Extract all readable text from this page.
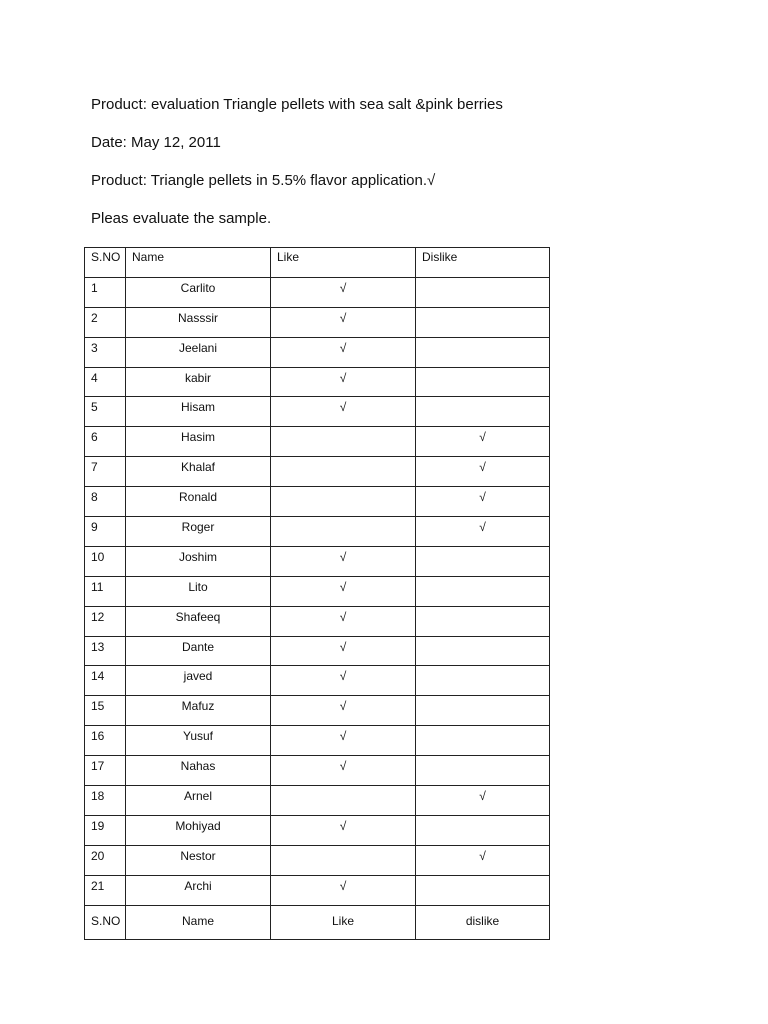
Product: evaluation Triangle pellets with sea salt &pink berries
Date: May 12, 2011
Product: Triangle pellets in 5.5% flavor application.√
Pleas evaluate the sample.
S.NO	Name	Like	Dislike
1	Carlito	√	
2	Nasssir	√	
3	Jeelani	√	
4	kabir	√	
5	Hisam	√	
6	Hasim		√
7	Khalaf		√
8	Ronald		√
9	Roger		√
10	Joshim	√	
11	Lito	√	
12	Shafeeq	√	
13	Dante	√	
14	javed	√	
15	Mafuz	√	
16	Yusuf	√	
17	Nahas	√	
18	Arnel		√
19	Mohiyad	√	
20	Nestor		√
21	Archi	√	
S.NO	Name	Like	dislike
